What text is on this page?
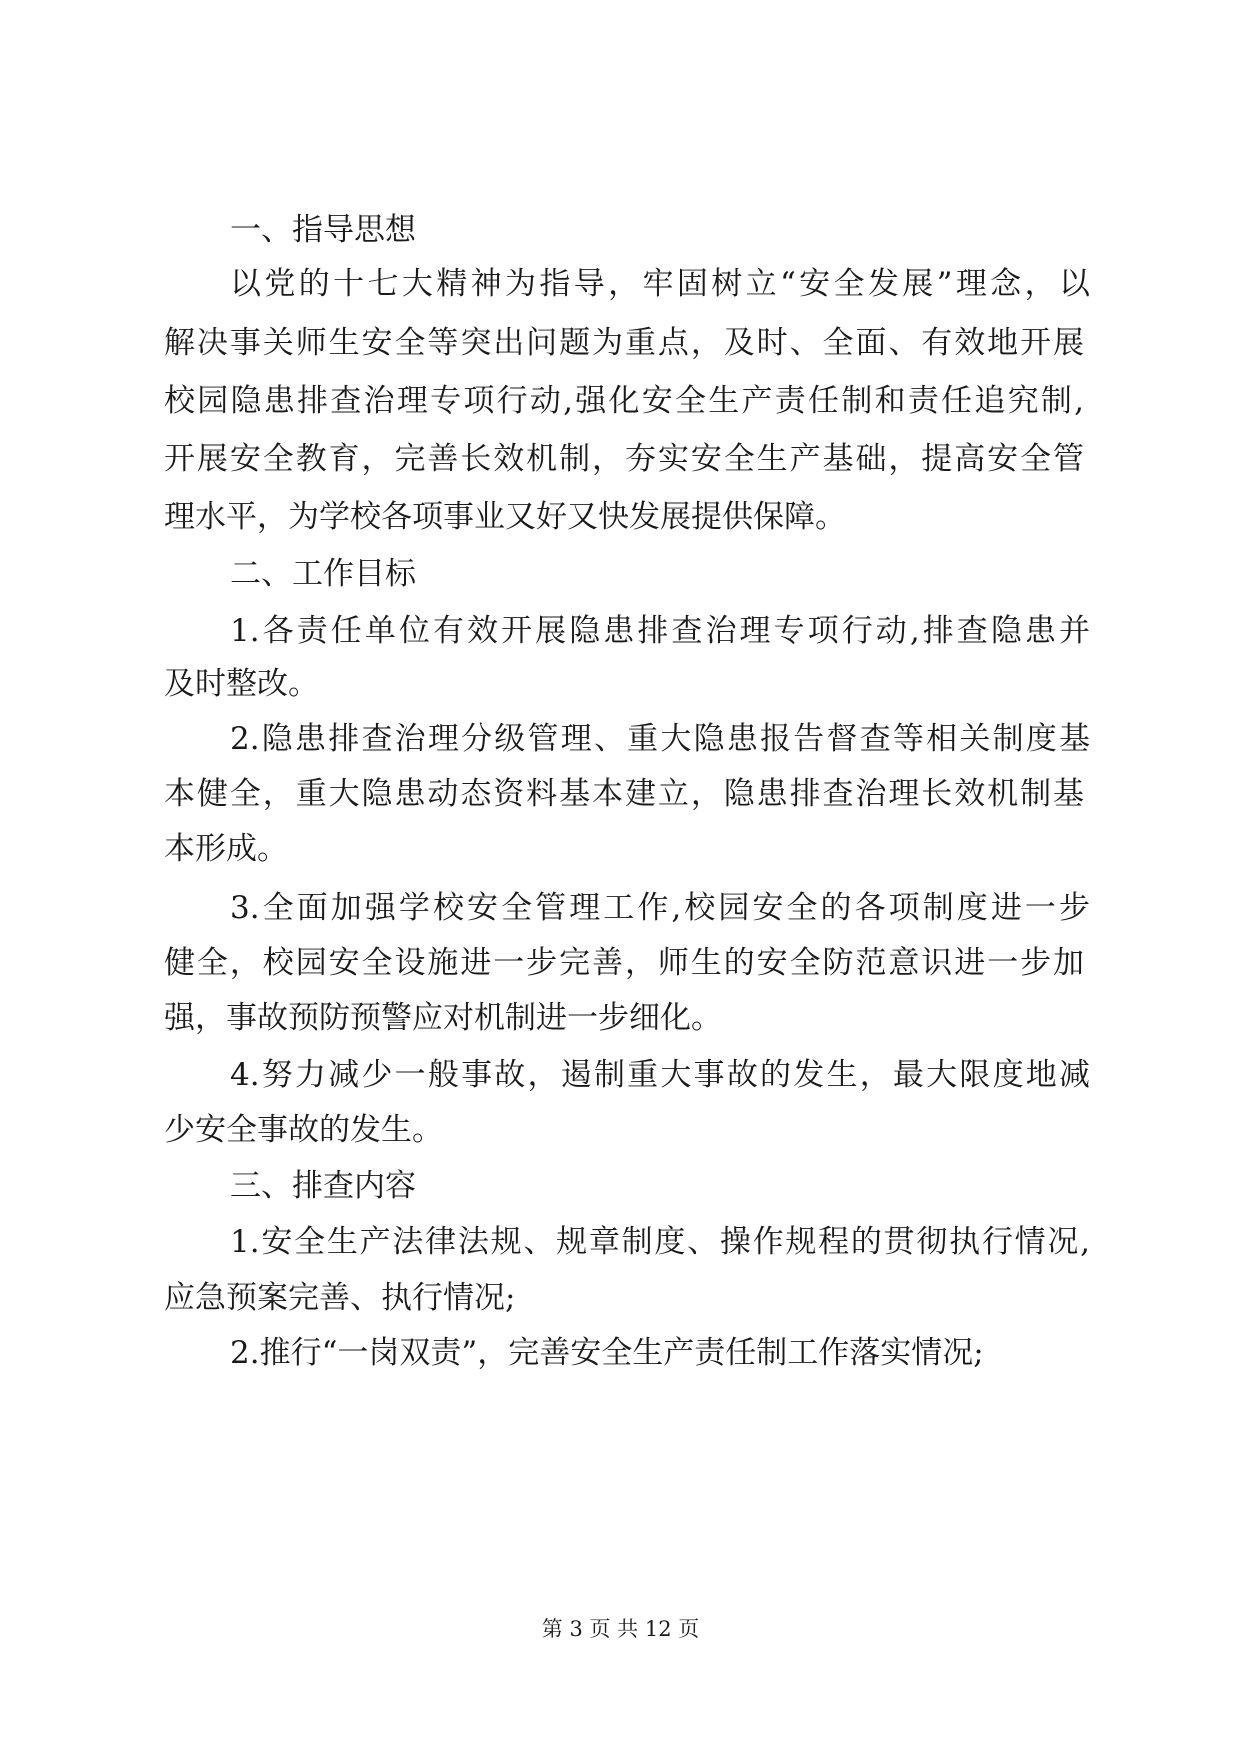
一、指导思想
以党的十七大精神为指导，牢固树立“安全发展”理念，以
解决事关师生安全等突出问题为重点，及时、全面、有效地开展
校园隐患排查治理专项行动,强化安全生产责任制和责任追究制,
开展安全教育，完善长效机制，夯实安全生产基础，提高安全管
理水平，为学校各项事业又好又快发展提供保障。
二、工作目标
1.各责任单位有效开展隐患排查治理专项行动,排查隐患并
及时整改。
2.隐患排查治理分级管理、重大隐患报告督查等相关制度基
本健全，重大隐患动态资料基本建立，隐患排查治理长效机制基
本形成。
3.全面加强学校安全管理工作,校园安全的各项制度进一步
健全，校园安全设施进一步完善，师生的安全防范意识进一步加
强，事故预防预警应对机制进一步细化。
4.努力减少一般事故，遏制重大事故的发生，最大限度地减
少安全事故的发生。
三、排查内容
1.安全生产法律法规、规章制度、操作规程的贯彻执行情况,
应急预案完善、执行情况;
2.推行“一岗双责”，完善安全生产责任制工作落实情况;
第 3 页 共 12 页
